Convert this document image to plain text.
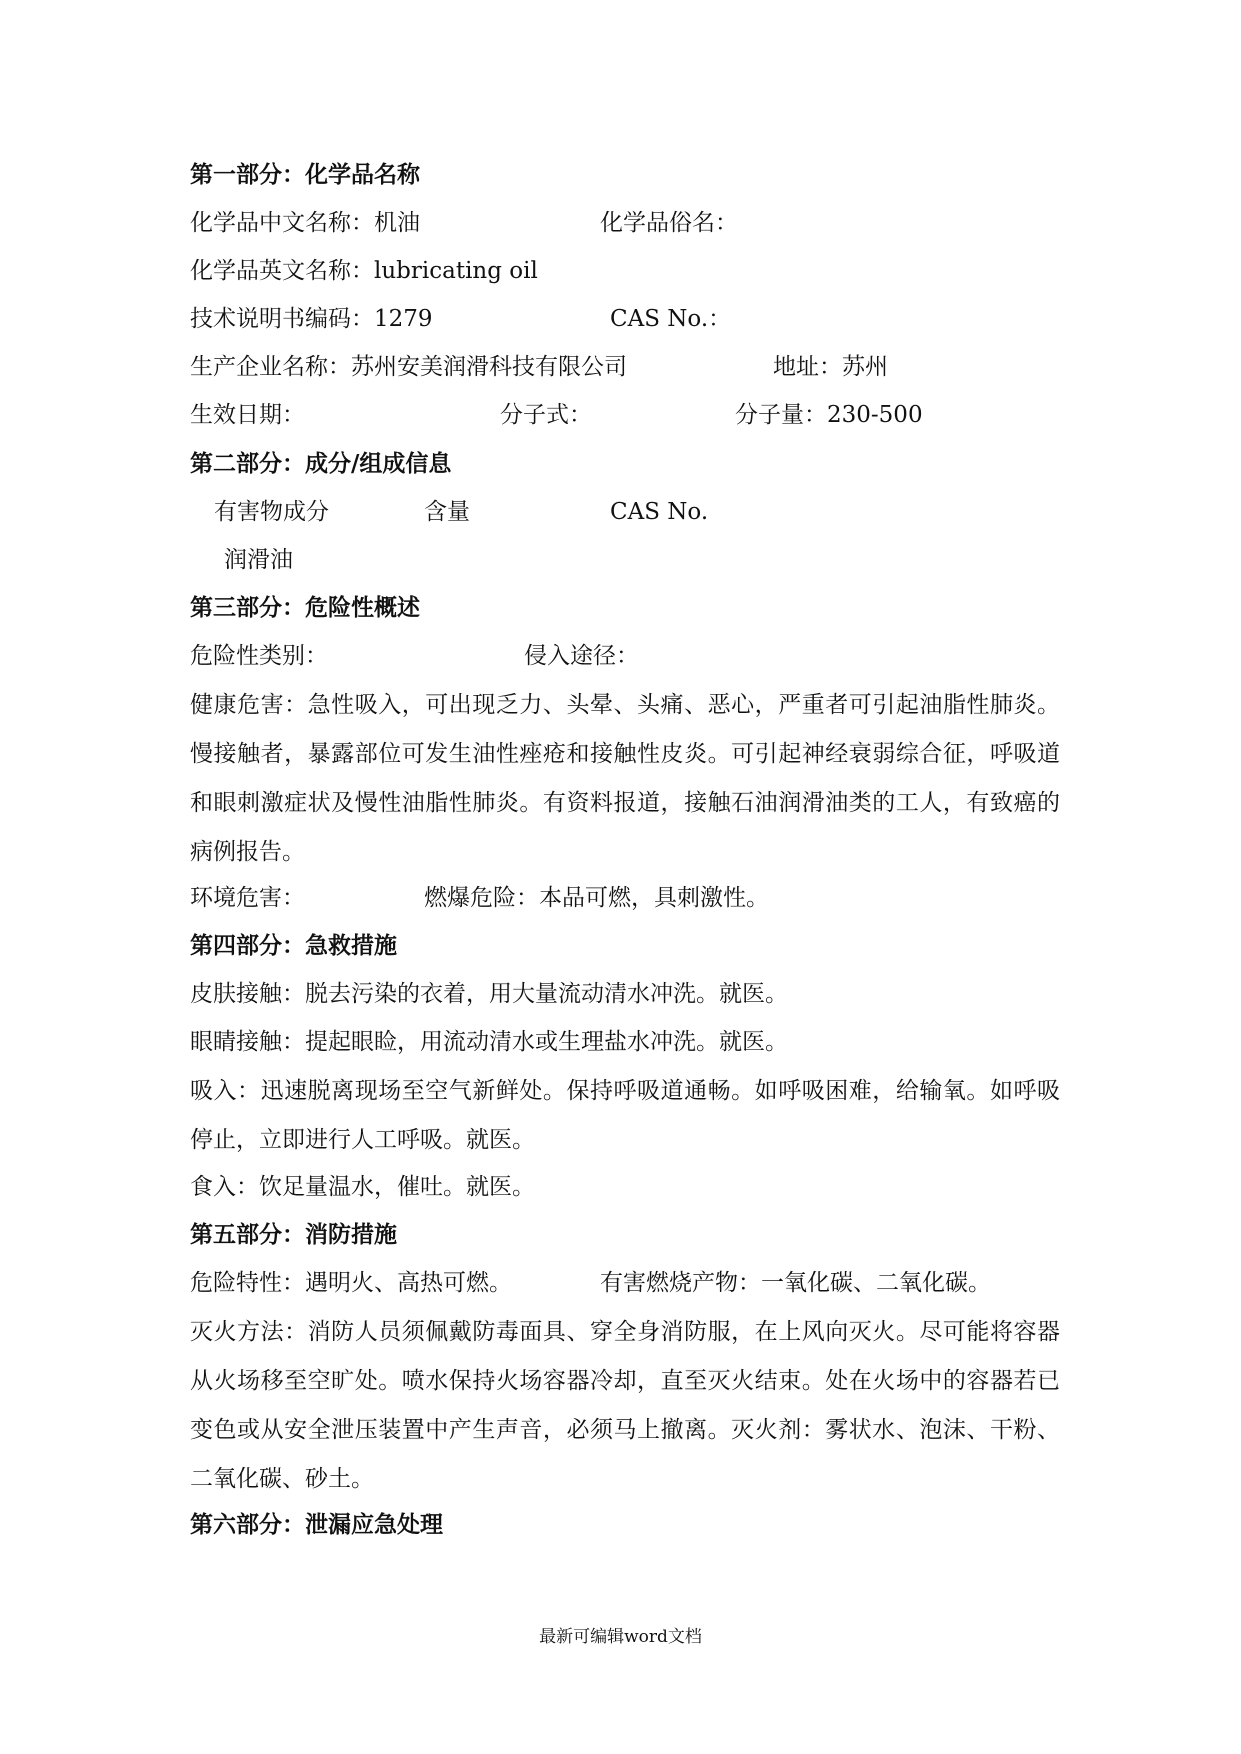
第一部分：化学品名称
化学品中文名称：机油	化学品俗名：
化学品英文名称：lubricating oil
技术说明书编码：1279	CAS No.：
生产企业名称：苏州安美润滑科技有限公司	地址：苏州
生效日期：	分子式：	分子量：230-500
第二部分：成分/组成信息
有害物成分	含量	CAS No.
润滑油
第三部分：危险性概述
危险性类别：	侵入途径：
健康危害：急性吸入，可出现乏力、头晕、头痛、恶心，严重者可引起油脂性肺炎。慢接触者，暴露部位可发生油性痤疮和接触性皮炎。可引起神经衰弱综合征，呼吸道和眼刺激症状及慢性油脂性肺炎。有资料报道，接触石油润滑油类的工人，有致癌的病例报告。
环境危害：	燃爆危险：本品可燃，具刺激性。
第四部分：急救措施
皮肤接触：脱去污染的衣着，用大量流动清水冲洗。就医。
眼睛接触：提起眼睑，用流动清水或生理盐水冲洗。就医。
吸入：迅速脱离现场至空气新鲜处。保持呼吸道通畅。如呼吸困难，给输氧。如呼吸停止，立即进行人工呼吸。就医。
食入：饮足量温水，催吐。就医。
第五部分：消防措施
危险特性：遇明火、高热可燃。	有害燃烧产物：一氧化碳、二氧化碳。
灭火方法：消防人员须佩戴防毒面具、穿全身消防服，在上风向灭火。尽可能将容器从火场移至空旷处。喷水保持火场容器冷却，直至灭火结束。处在火场中的容器若已变色或从安全泄压装置中产生声音，必须马上撤离。灭火剂：雾状水、泡沫、干粉、二氧化碳、砂土。
第六部分：泄漏应急处理
最新可编辑word文档
